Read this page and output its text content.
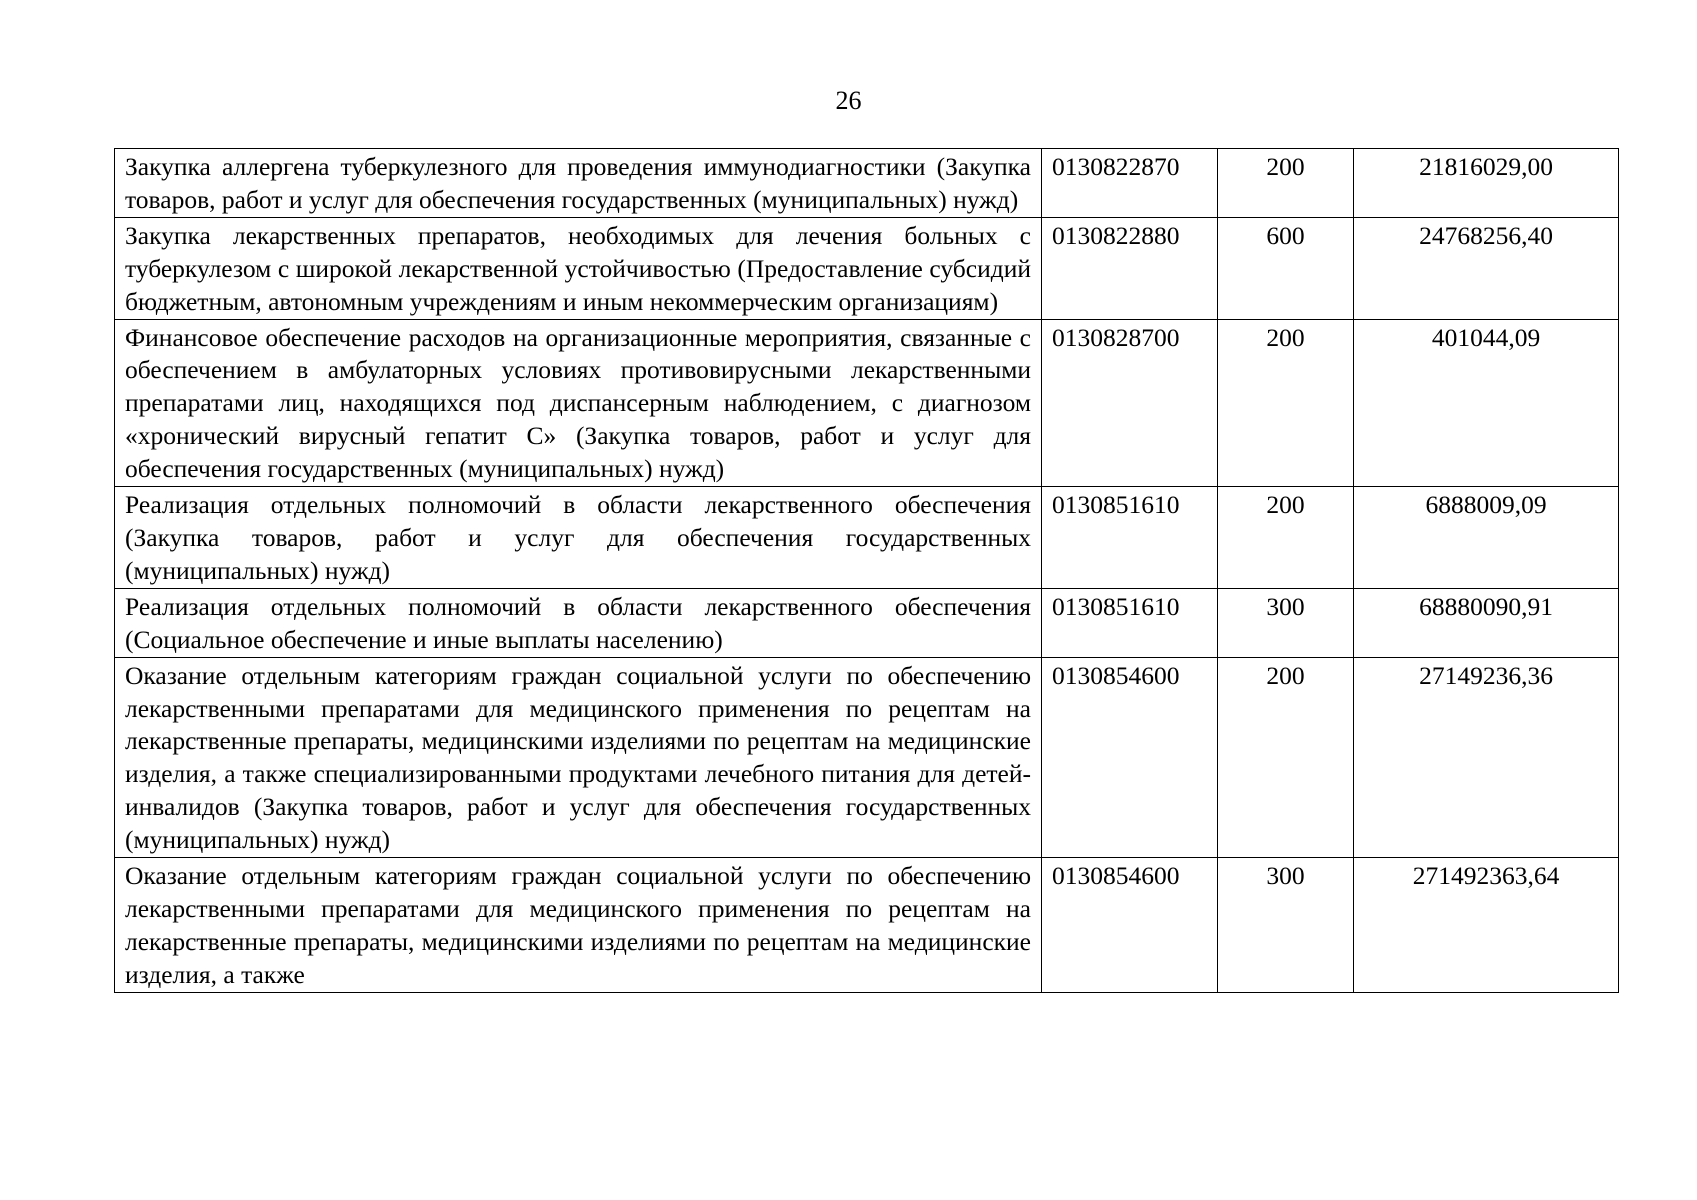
26
Закупка аллергена туберкулезного для проведения иммунодиагностики (Закупка товаров, работ и услуг для обеспечения государственных (муниципальных) нужд)	0130822870	200	21816029,00
Закупка лекарственных препаратов, необходимых для лечения больных с туберкулезом с широкой лекарственной устойчивостью (Предоставление субсидий бюджетным, автономным учреждениям и иным некоммерческим организациям)	0130822880	600	24768256,40
Финансовое обеспечение расходов на организационные мероприятия, связанные с обеспечением в амбулаторных условиях противовирусными лекарственными препаратами лиц, находящихся под диспансерным наблюдением, с диагнозом «хронический вирусный гепатит С» (Закупка товаров, работ и услуг для обеспечения государственных (муниципальных) нужд)	0130828700	200	401044,09
Реализация отдельных полномочий в области лекарственного обеспечения (Закупка товаров, работ и услуг для обеспечения государственных (муниципальных) нужд)	0130851610	200	6888009,09
Реализация отдельных полномочий в области лекарственного обеспечения (Социальное обеспечение и иные выплаты населению)	0130851610	300	68880090,91
Оказание отдельным категориям граждан социальной услуги по обеспечению лекарственными препаратами для медицинского применения по рецептам на лекарственные препараты, медицинскими изделиями по рецептам на медицинские изделия, а также специализированными продуктами лечебного питания для детей-инвалидов (Закупка товаров, работ и услуг для обеспечения государственных (муниципальных) нужд)	0130854600	200	27149236,36
Оказание отдельным категориям граждан социальной услуги по обеспечению лекарственными препаратами для медицинского применения по рецептам на лекарственные препараты, медицинскими изделиями по рецептам на медицинские изделия, а также	0130854600	300	271492363,64
